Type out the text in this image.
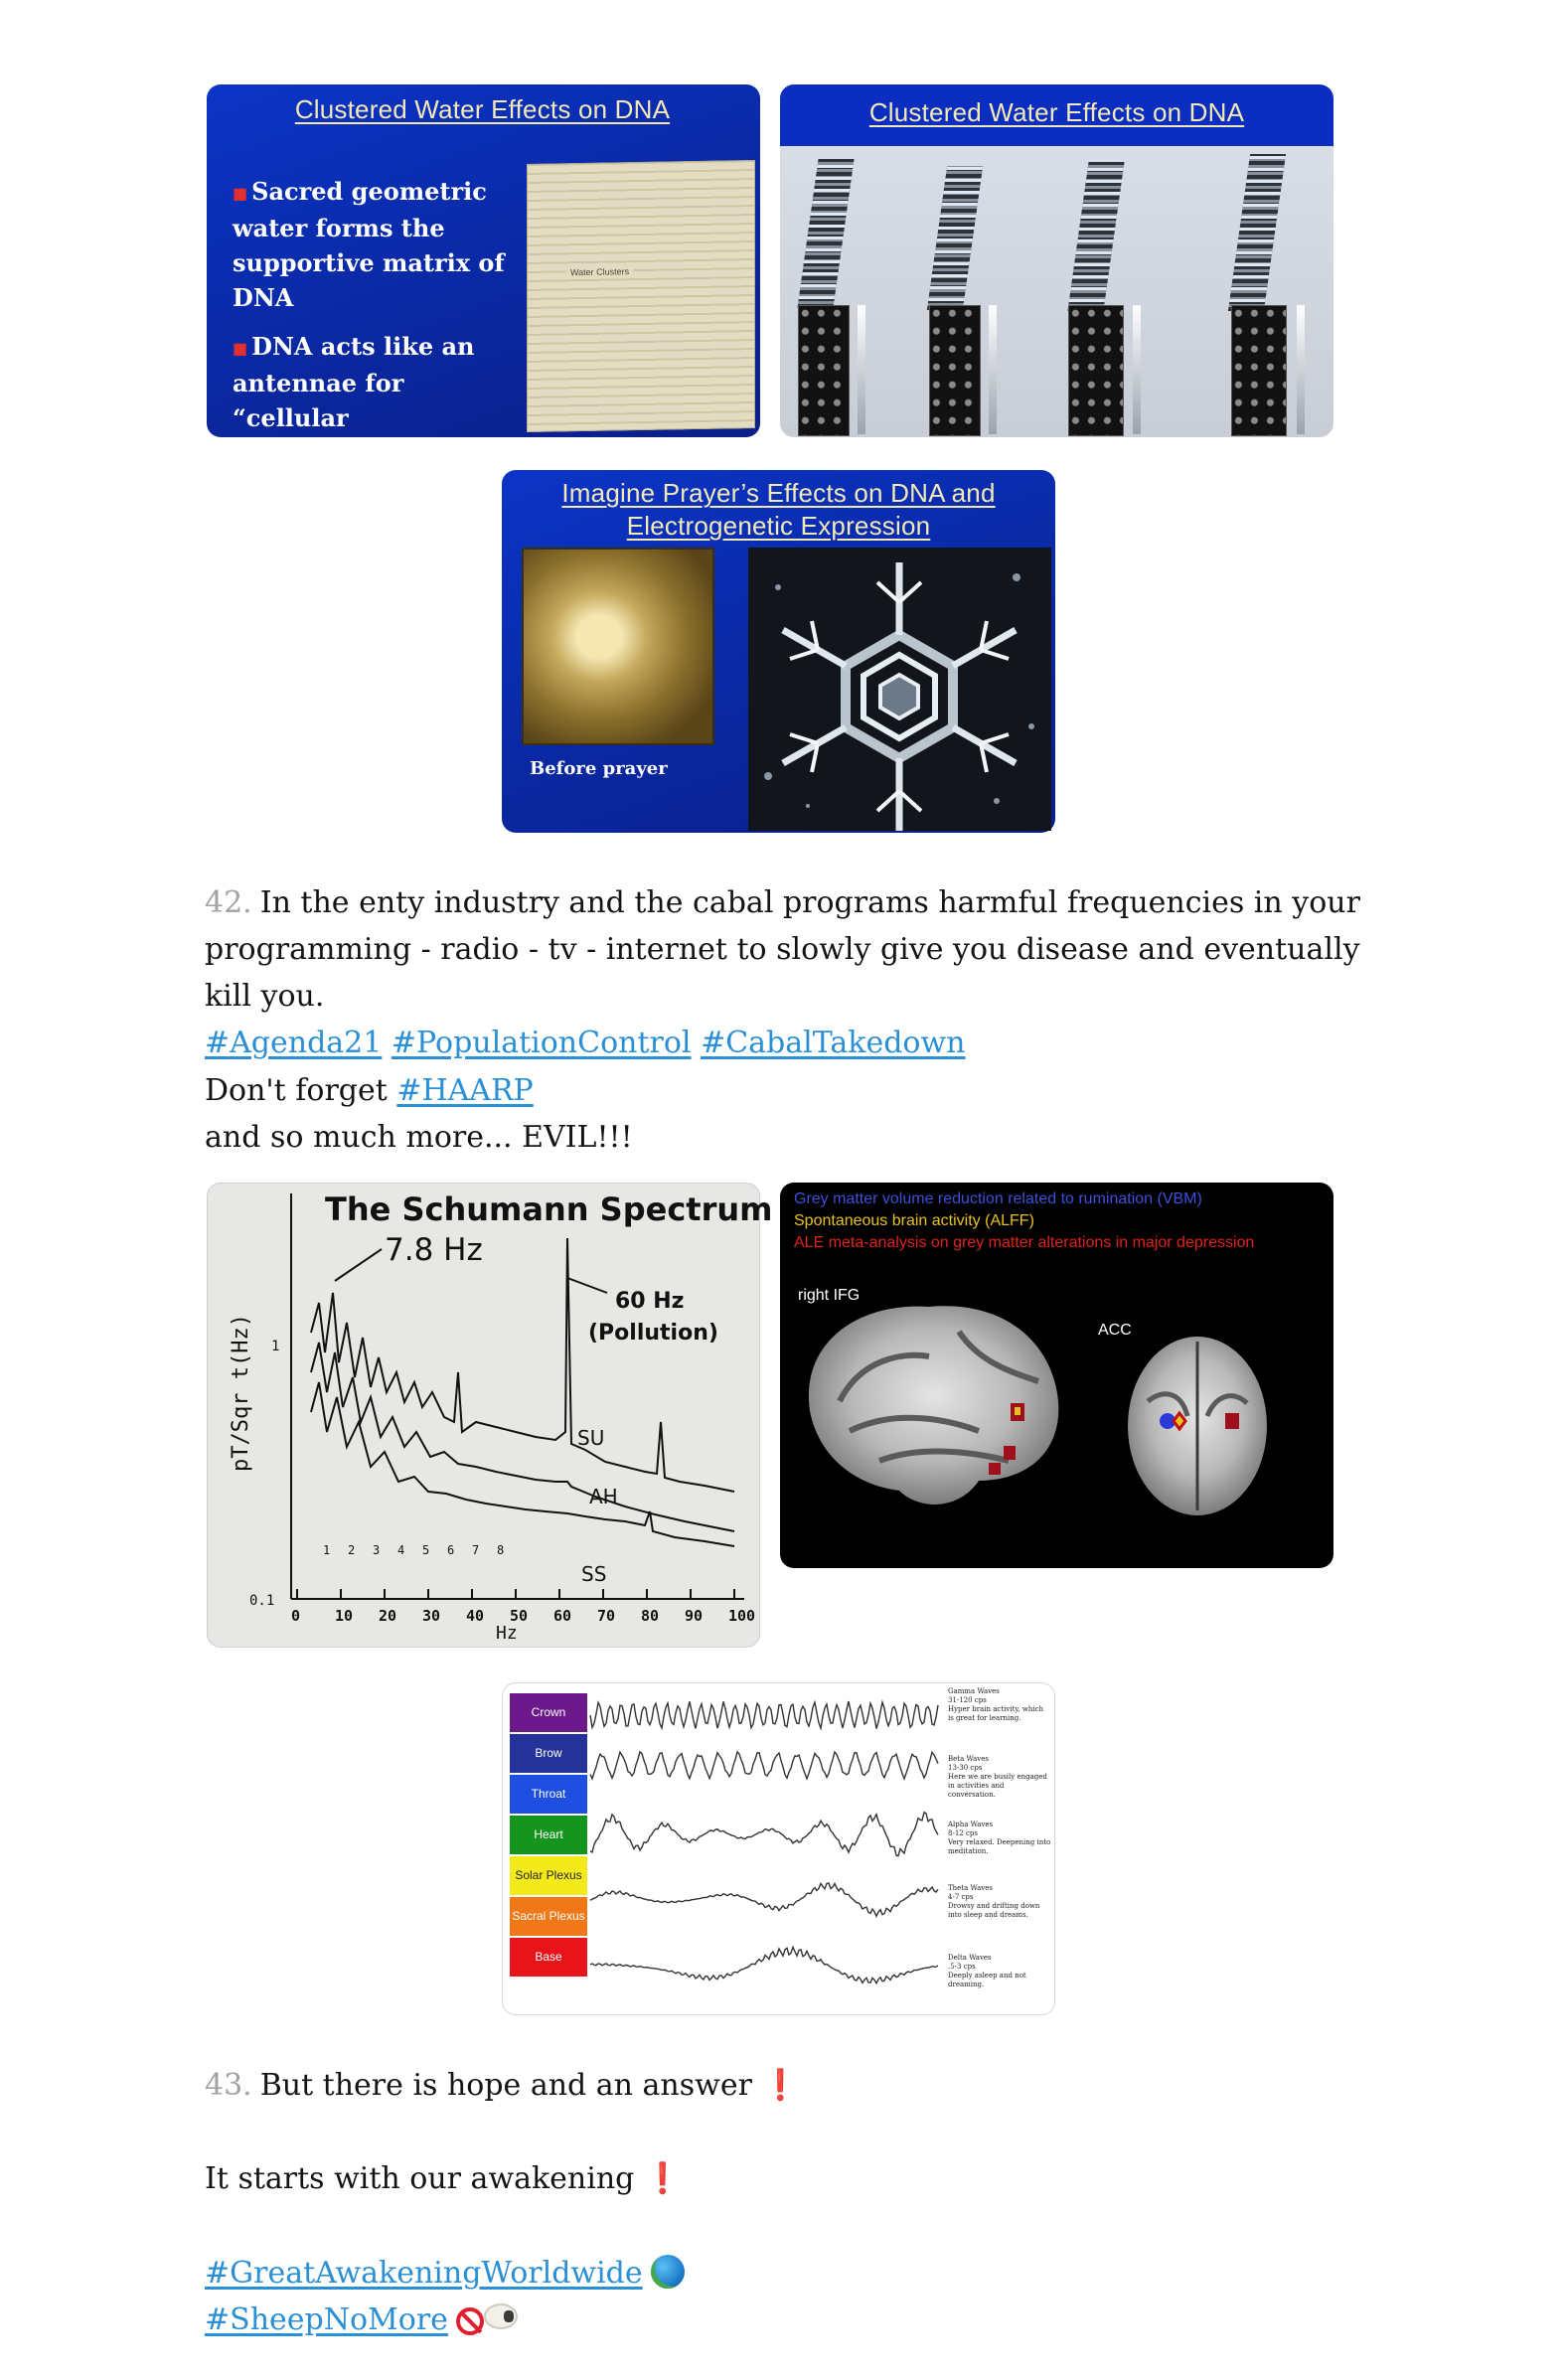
Clustered Water Effects on DNA
Water Clusters
■ Sacred geometric water forms the supportive matrix of DNA
■ DNA acts like an antennae for “cellular upregulation”
Clustered Water Effects on DNA
Imagine Prayer’s Effects on DNA and
Electrogenetic Expression
Before prayer

42. In the enty industry and the cabal programs harmful frequencies in your programming - radio - tv - internet to slowly give you disease and eventually kill you.
#Agenda21 #PopulationControl #CabalTakedown

Don't forget #HAARP
and so much more... EVIL!!!

The Schumann Spectrum
7.8 Hz
60 Hz
(Pollution)
pT/Sqr t(Hz) 1
0.1
0 10 20 30 40 50 60 70 80 90 100
Hz
1 2 3 4 5 6 7 8
SU
AH
SS
Grey matter volume reduction related to rumination (VBM)
Spontaneous brain activity (ALFF)
ALE meta-analysis on grey matter alterations in major depression
right IFG
ACC
Crown
Brow
Throat
Heart
Solar Plexus
Sacral Plexus
Base
Gamma Waves
31-120 cps
Hyper brain activity, which is great for learning.
Beta Waves
13-30 cps
Here we are busily engaged in activities and conversation.
Alpha Waves
8-12 cps
Very relaxed. Deepening into meditation.
Theta Waves
4-7 cps
Drowsy and drifting down into sleep and dreams.
Delta Waves
.5-3 cps
Deeply asleep and not dreaming.

43. But there is hope and an answer ❗

It starts with our awakening ❗

#GreatAwakeningWorldwide
#SheepNoMore
